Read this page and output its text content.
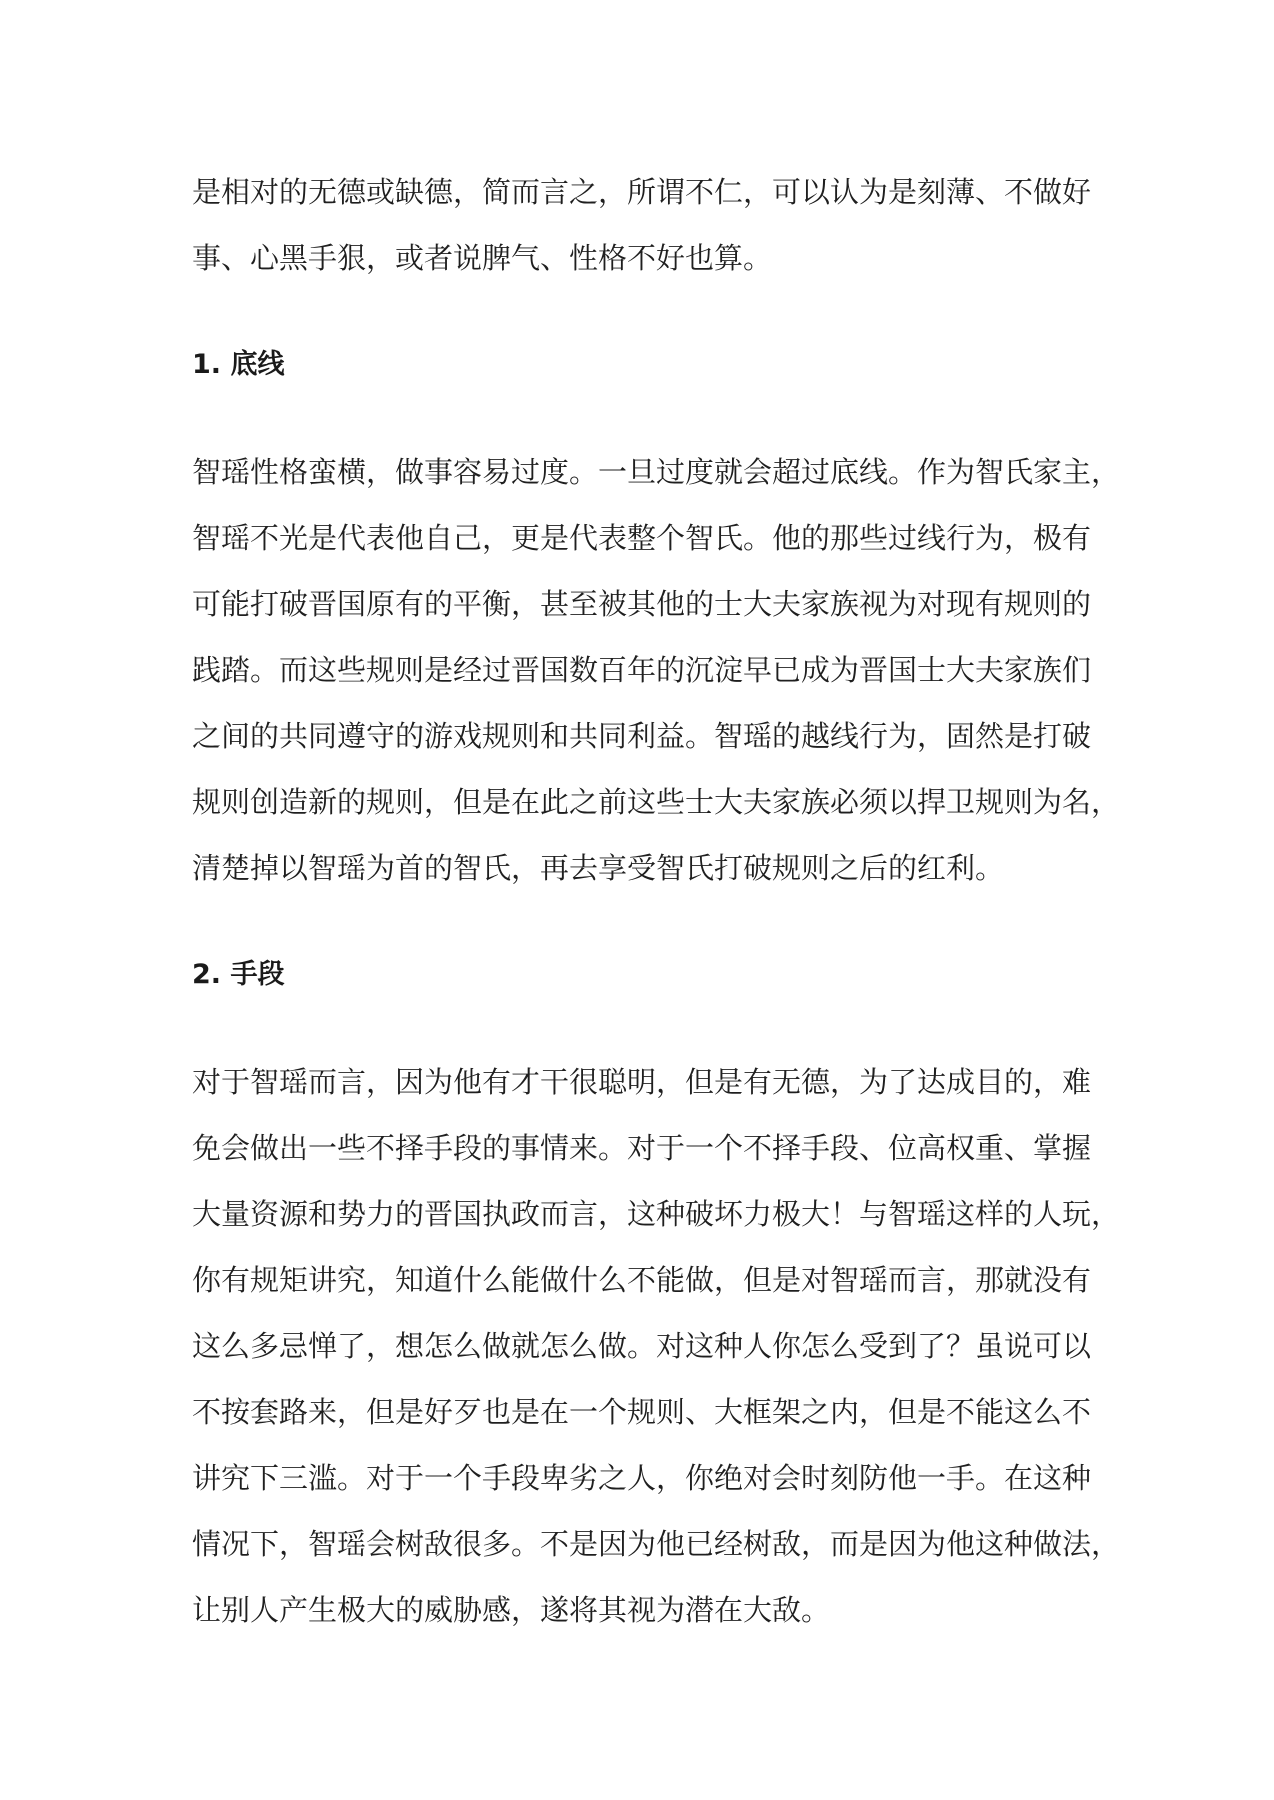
是相对的无德或缺德，简而言之，所谓不仁，可以认为是刻薄、不做好

事、心黑手狠，或者说脾气、性格不好也算。

1. 底线

智瑶性格蛮横，做事容易过度。一旦过度就会超过底线。作为智氏家主，

智瑶不光是代表他自己，更是代表整个智氏。他的那些过线行为，极有

可能打破晋国原有的平衡，甚至被其他的士大夫家族视为对现有规则的

践踏。而这些规则是经过晋国数百年的沉淀早已成为晋国士大夫家族们

之间的共同遵守的游戏规则和共同利益。智瑶的越线行为，固然是打破

规则创造新的规则，但是在此之前这些士大夫家族必须以捍卫规则为名，

清楚掉以智瑶为首的智氏，再去享受智氏打破规则之后的红利。

2. 手段

对于智瑶而言，因为他有才干很聪明，但是有无德，为了达成目的，难

免会做出一些不择手段的事情来。对于一个不择手段、位高权重、掌握

大量资源和势力的晋国执政而言，这种破坏力极大！与智瑶这样的人玩，

你有规矩讲究，知道什么能做什么不能做，但是对智瑶而言，那就没有

这么多忌惮了，想怎么做就怎么做。对这种人你怎么受到了？虽说可以

不按套路来，但是好歹也是在一个规则、大框架之内，但是不能这么不

讲究下三滥。对于一个手段卑劣之人，你绝对会时刻防他一手。在这种

情况下，智瑶会树敌很多。不是因为他已经树敌，而是因为他这种做法，

让别人产生极大的威胁感，遂将其视为潜在大敌。
